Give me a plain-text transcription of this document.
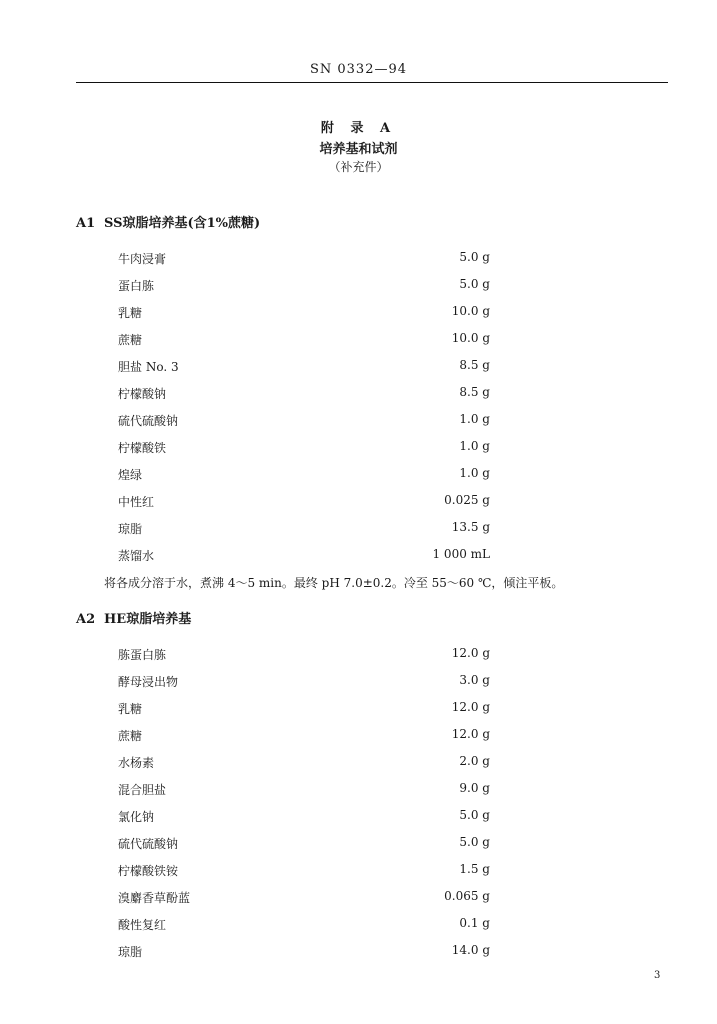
SN 0332—94
附 录 A
培养基和试剂
（补充件）
A1 SS琼脂培养基(含1%蔗糖)
牛肉浸膏	5.0 g
蛋白胨	5.0 g
乳糖	10.0 g
蔗糖	10.0 g
胆盐 No. 3	8.5 g
柠檬酸钠	8.5 g
硫代硫酸钠	1.0 g
柠檬酸铁	1.0 g
煌绿	1.0 g
中性红	0.025 g
琼脂	13.5 g
蒸馏水	1 000 mL
将各成分溶于水，煮沸 4～5 min。最终 pH 7.0±0.2。冷至 55～60 ℃，倾注平板。
A2 HE琼脂培养基
胨蛋白胨	12.0 g
酵母浸出物	3.0 g
乳糖	12.0 g
蔗糖	12.0 g
水杨素	2.0 g
混合胆盐	9.0 g
氯化钠	5.0 g
硫代硫酸钠	5.0 g
柠檬酸铁铵	1.5 g
溴麝香草酚蓝	0.065 g
酸性复红	0.1 g
琼脂	14.0 g
3
